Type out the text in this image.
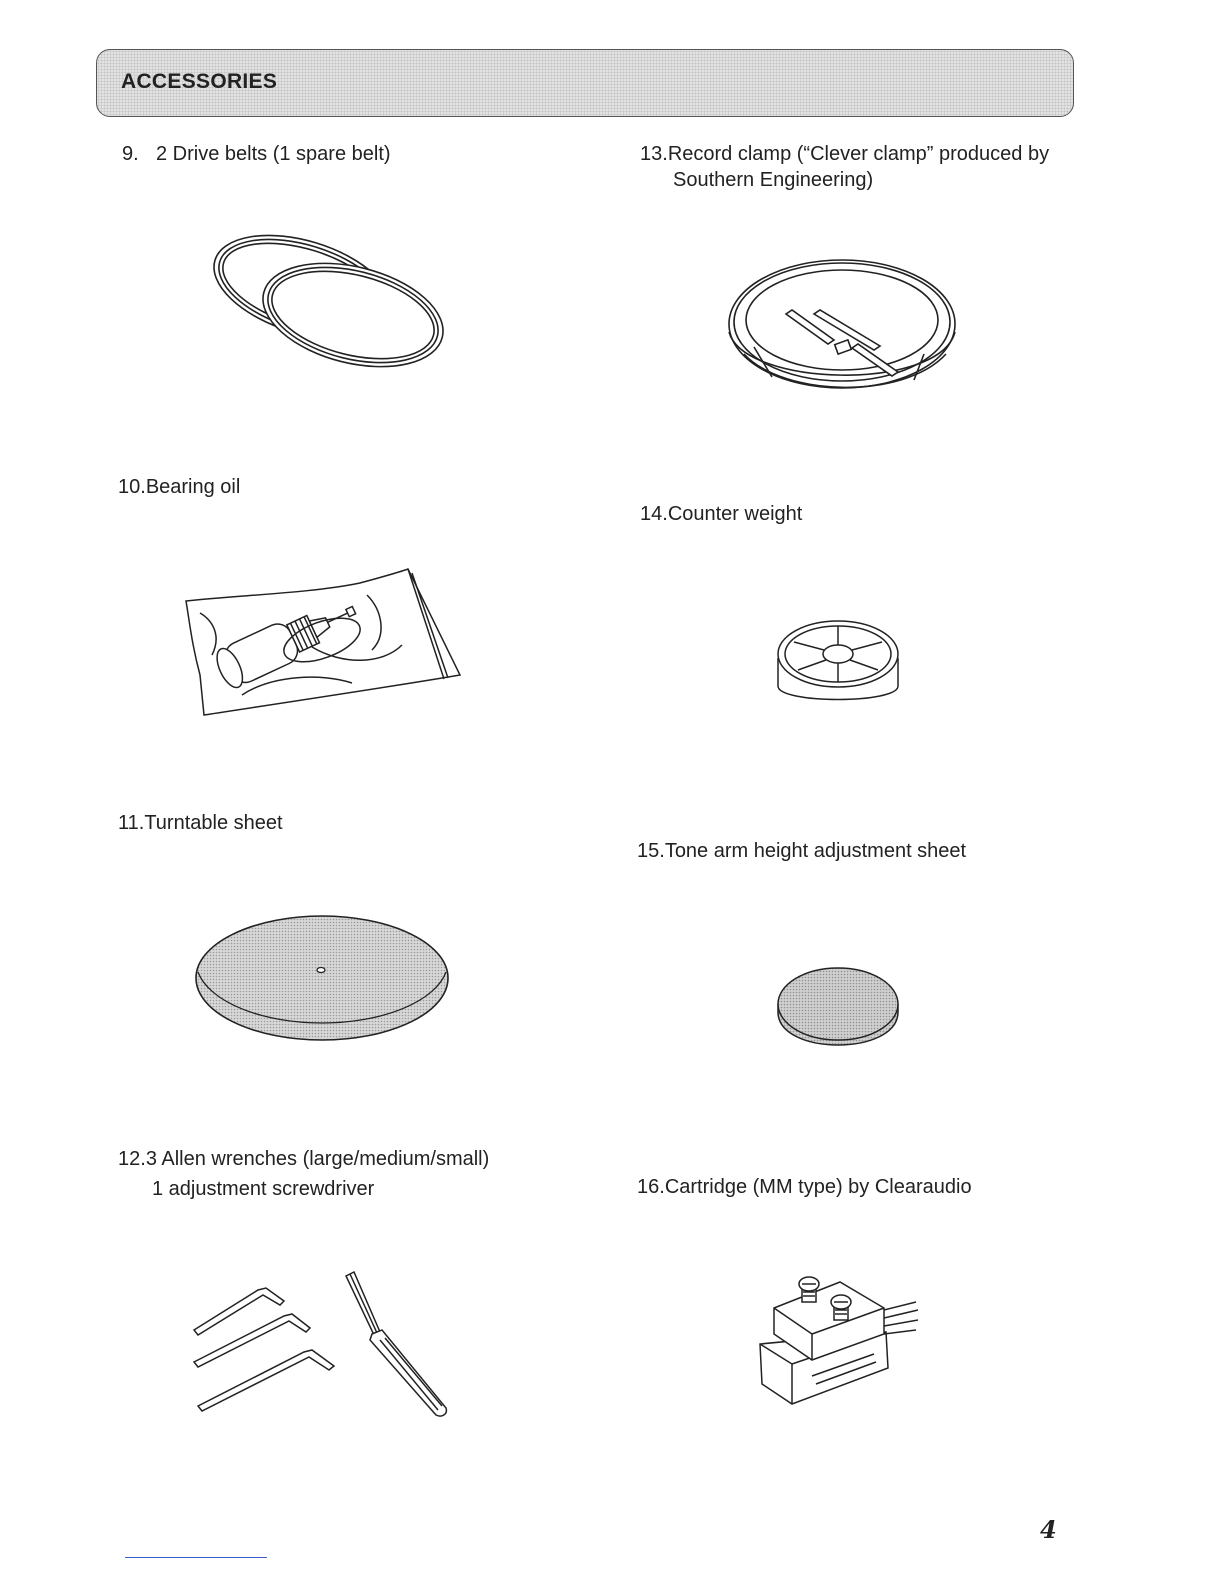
ACCESSORIES
9. 2 Drive belts (1 spare belt)
10.Bearing oil
11.Turntable sheet
12.3 Allen wrenches (large/medium/small)
1 adjustment screwdriver
13.Record clamp (“Clever clamp” produced by
Southern Engineering)
14.Counter weight
15.Tone arm height adjustment sheet
16.Cartridge (MM type) by Clearaudio
4
